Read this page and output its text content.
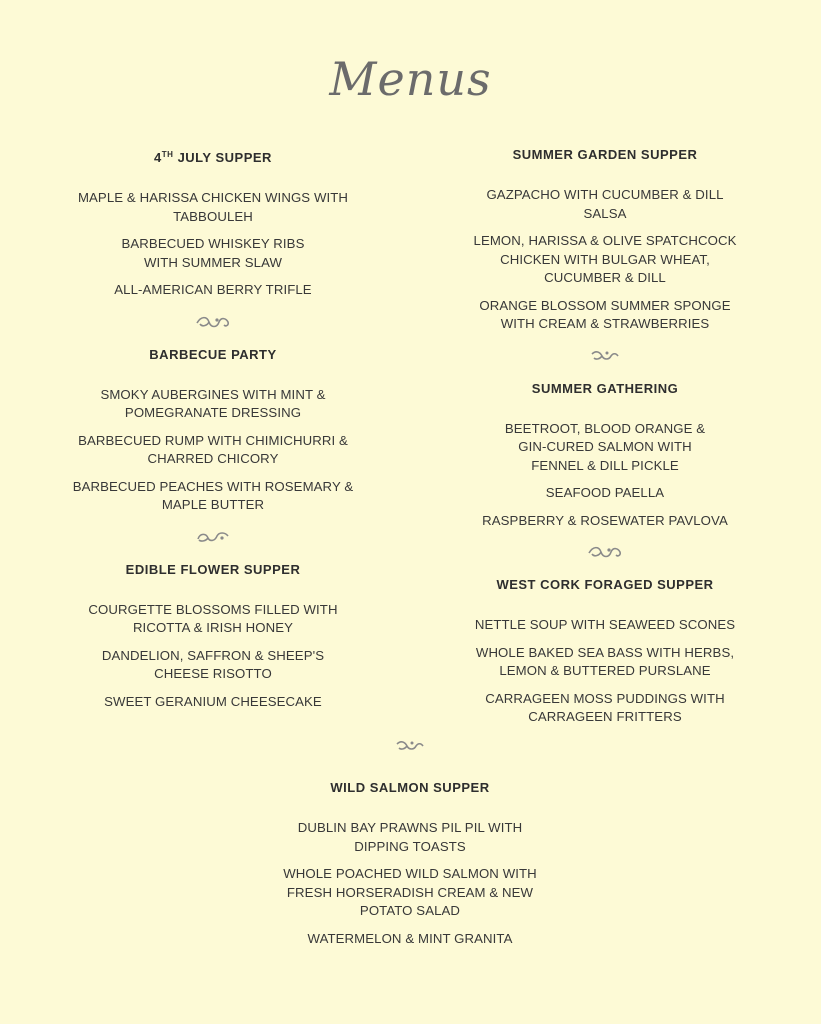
Menus
4TH JULY SUPPER
MAPLE & HARISSA CHICKEN WINGS WITH TABBOULEH
BARBECUED WHISKEY RIBS WITH SUMMER SLAW
ALL-AMERICAN BERRY TRIFLE
BARBECUE PARTY
SMOKY AUBERGINES WITH MINT & POMEGRANATE DRESSING
BARBECUED RUMP WITH CHIMICHURRI & CHARRED CHICORY
BARBECUED PEACHES WITH ROSEMARY & MAPLE BUTTER
EDIBLE FLOWER SUPPER
COURGETTE BLOSSOMS FILLED WITH RICOTTA & IRISH HONEY
DANDELION, SAFFRON & SHEEP'S CHEESE RISOTTO
SWEET GERANIUM CHEESECAKE
SUMMER GARDEN SUPPER
GAZPACHO WITH CUCUMBER & DILL SALSA
LEMON, HARISSA & OLIVE SPATCHCOCK CHICKEN WITH BULGAR WHEAT, CUCUMBER & DILL
ORANGE BLOSSOM SUMMER SPONGE WITH CREAM & STRAWBERRIES
SUMMER GATHERING
BEETROOT, BLOOD ORANGE & GIN-CURED SALMON WITH FENNEL & DILL PICKLE
SEAFOOD PAELLA
RASPBERRY & ROSEWATER PAVLOVA
WEST CORK FORAGED SUPPER
NETTLE SOUP WITH SEAWEED SCONES
WHOLE BAKED SEA BASS WITH HERBS, LEMON & BUTTERED PURSLANE
CARRAGEEN MOSS PUDDINGS WITH CARRAGEEN FRITTERS
WILD SALMON SUPPER
DUBLIN BAY PRAWNS PIL PIL WITH DIPPING TOASTS
WHOLE POACHED WILD SALMON WITH FRESH HORSERADISH CREAM & NEW POTATO SALAD
WATERMELON & MINT GRANITA
